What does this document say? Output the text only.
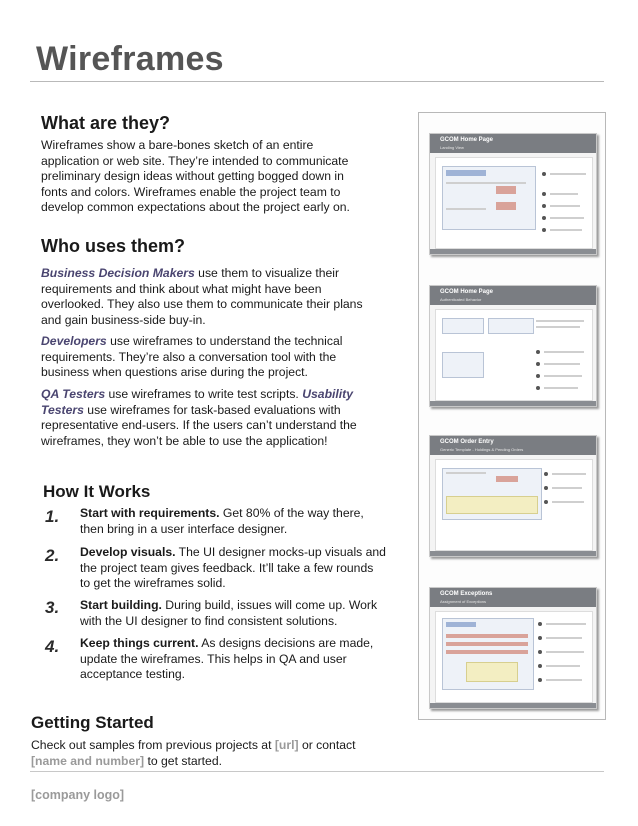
Wireframes
What are they?
Wireframes show a bare-bones sketch of an entire
application or web site. They’re intended to communicate
preliminary design ideas without getting bogged down in
fonts and colors. Wireframes enable the project team to
develop common expectations about the project early on.
Who uses them?
Business Decision Makers use them to visualize their
requirements and think about what might have been
overlooked. They also use them to communicate their plans
and gain business-side buy-in.
Developers use wireframes to understand the technical
requirements. They’re also a conversation tool with the
business when questions arise during the project.
QA Testers use wireframes to write test scripts. Usability
Testers use wireframes for task-based evaluations with
representative end-users. If the users can’t understand the
wireframes, they won’t be able to use the application!
How It Works
1. Start with requirements. Get 80% of the way there,
then bring in a user interface designer.
2. Develop visuals. The UI designer mocks-up visuals and
the project team gives feedback. It’ll take a few rounds
to get the wireframes solid.
3. Start building. During build, issues will come up. Work
with the UI designer to find consistent solutions.
4. Keep things current. As designs decisions are made,
update the wireframes. This helps in QA and user
acceptance testing.
Getting Started
Check out samples from previous projects at [url] or contact
[name and number] to get started.
[company logo]
GCOM Home Page
Landing View
GCOM Home Page
Authenticated Behavior
GCOM Order Entry
Generic Template - Holdings & Pending Orders
GCOM Exceptions
Assignment of Exceptions
